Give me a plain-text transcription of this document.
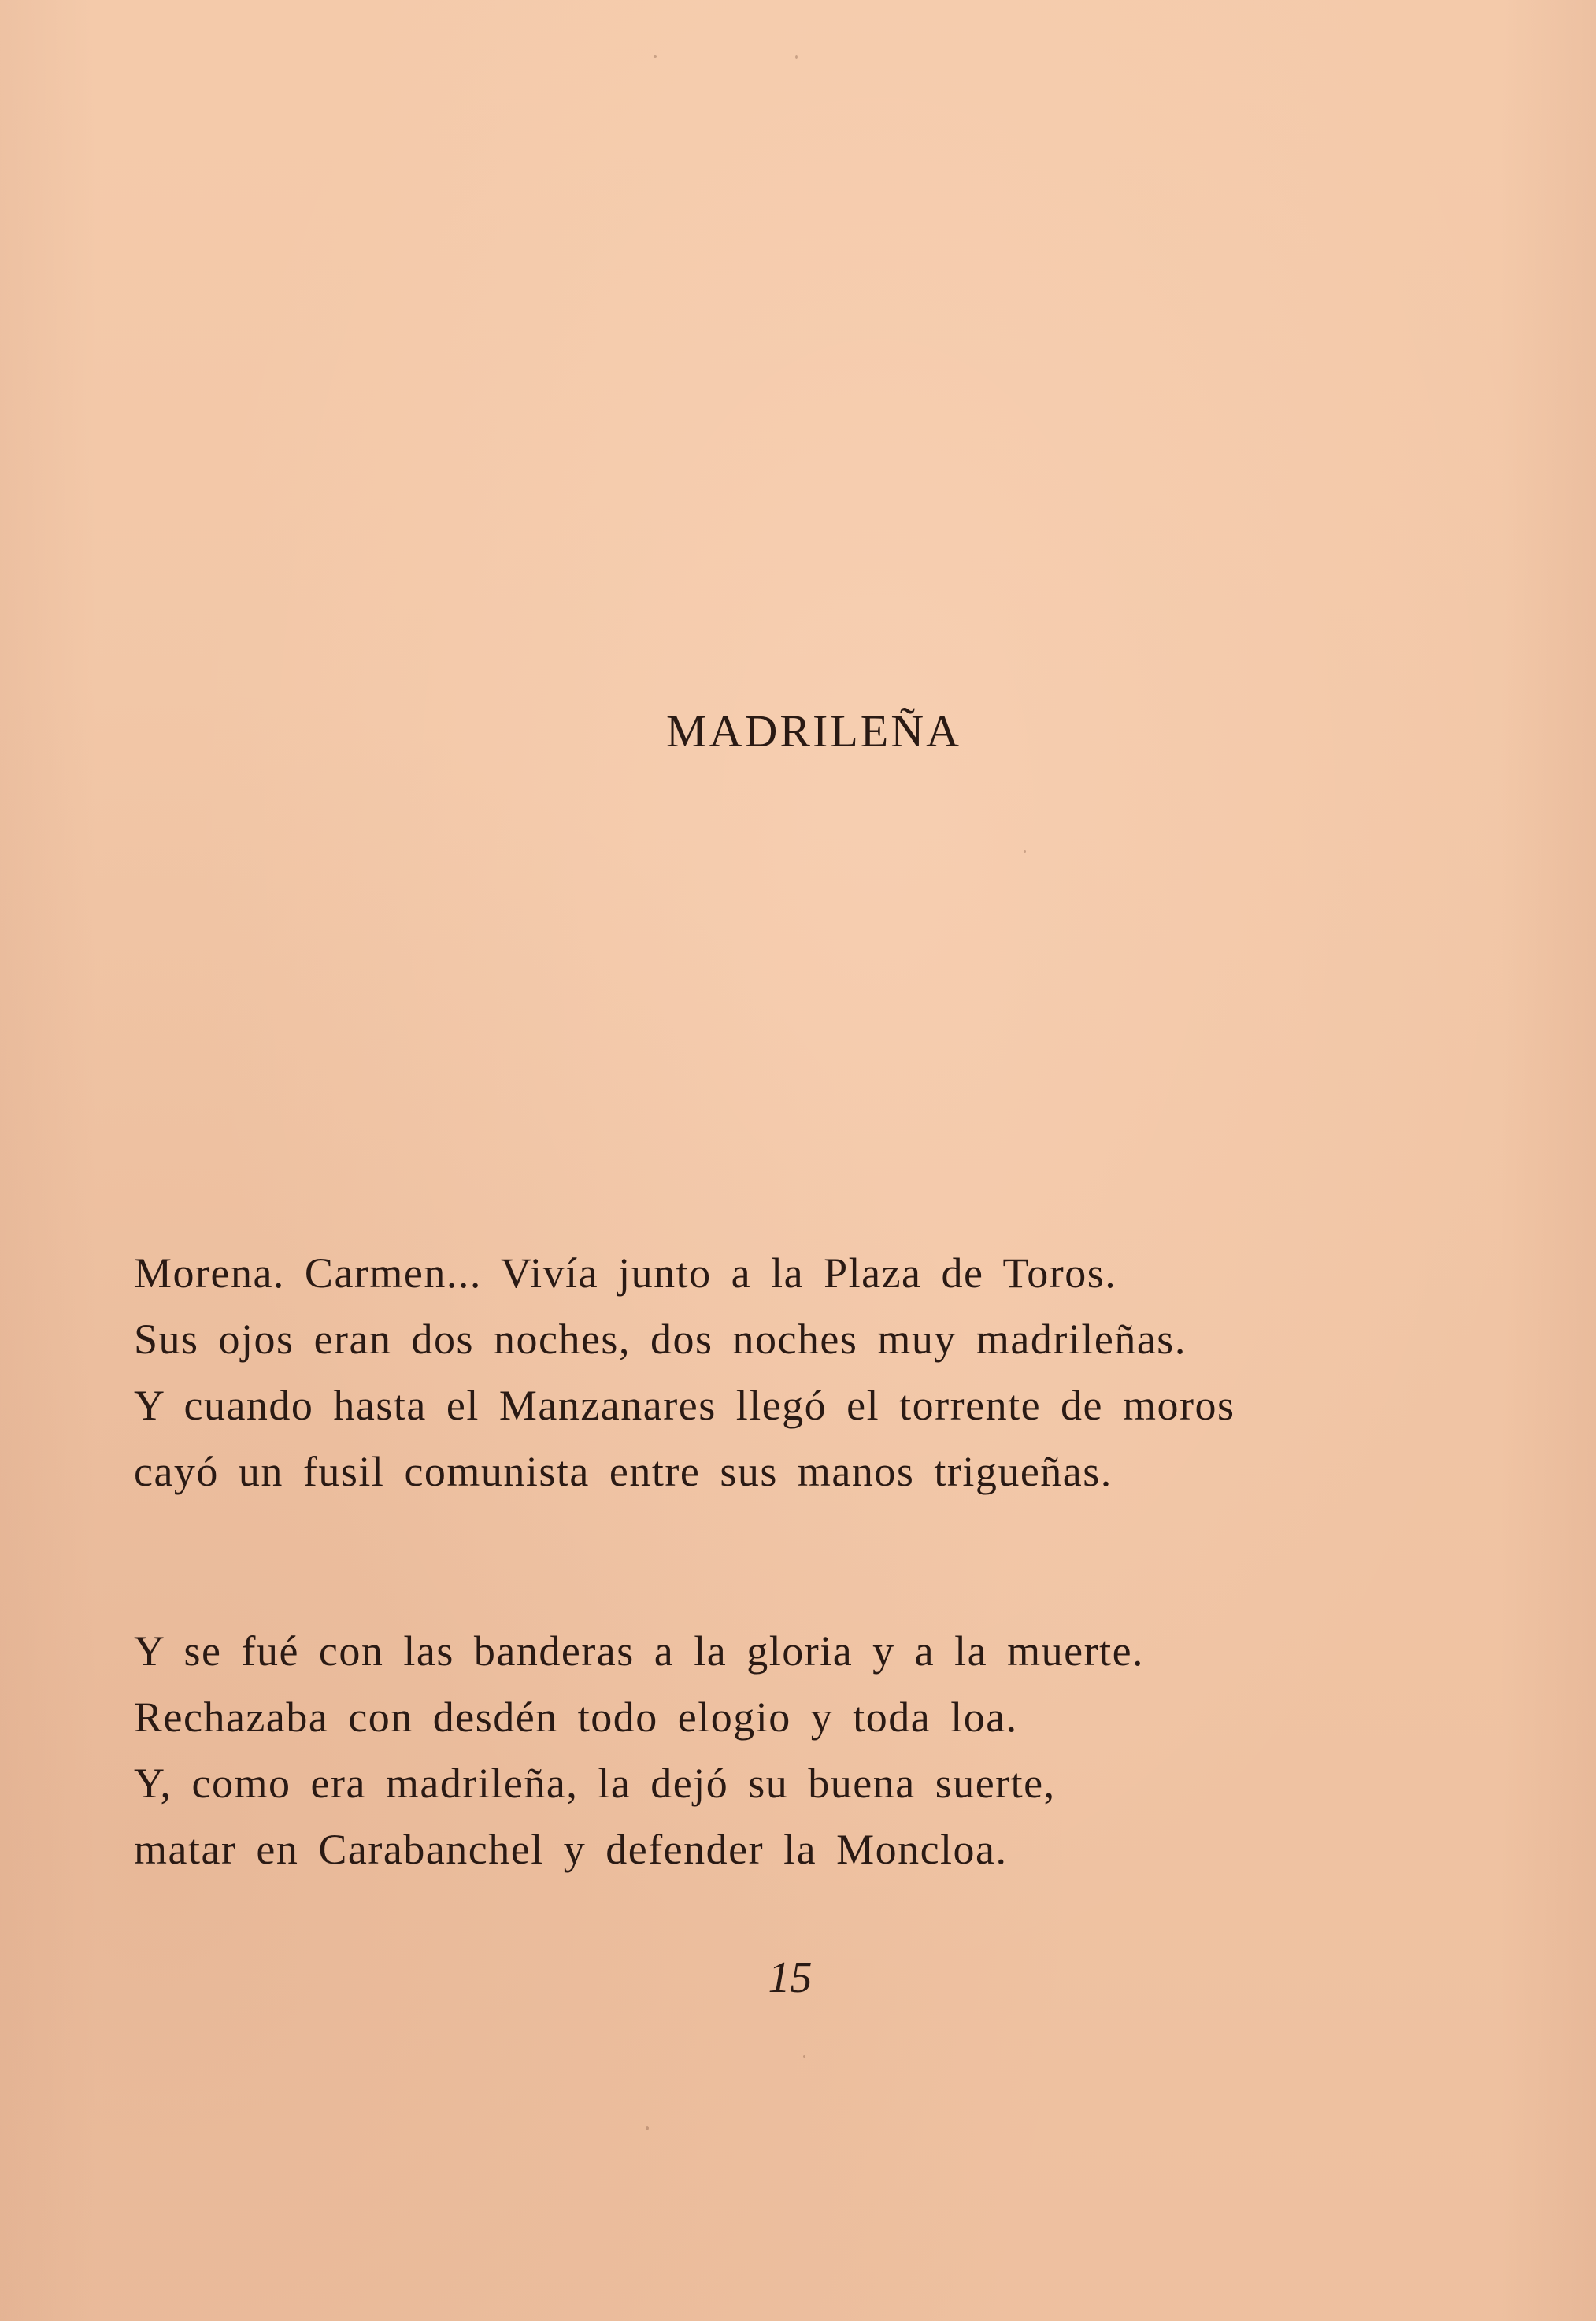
MADRILEÑA
Morena. Carmen... Vivía junto a la Plaza de Toros.
Sus ojos eran dos noches, dos noches muy madrileñas.
Y cuando hasta el Manzanares llegó el torrente de moros
cayó un fusil comunista entre sus manos trigueñas.
Y se fué con las banderas a la gloria y a la muerte.
Rechazaba con desdén todo elogio y toda loa.
Y, como era madrileña, la dejó su buena suerte,
matar en Carabanchel y defender la Moncloa.
15
